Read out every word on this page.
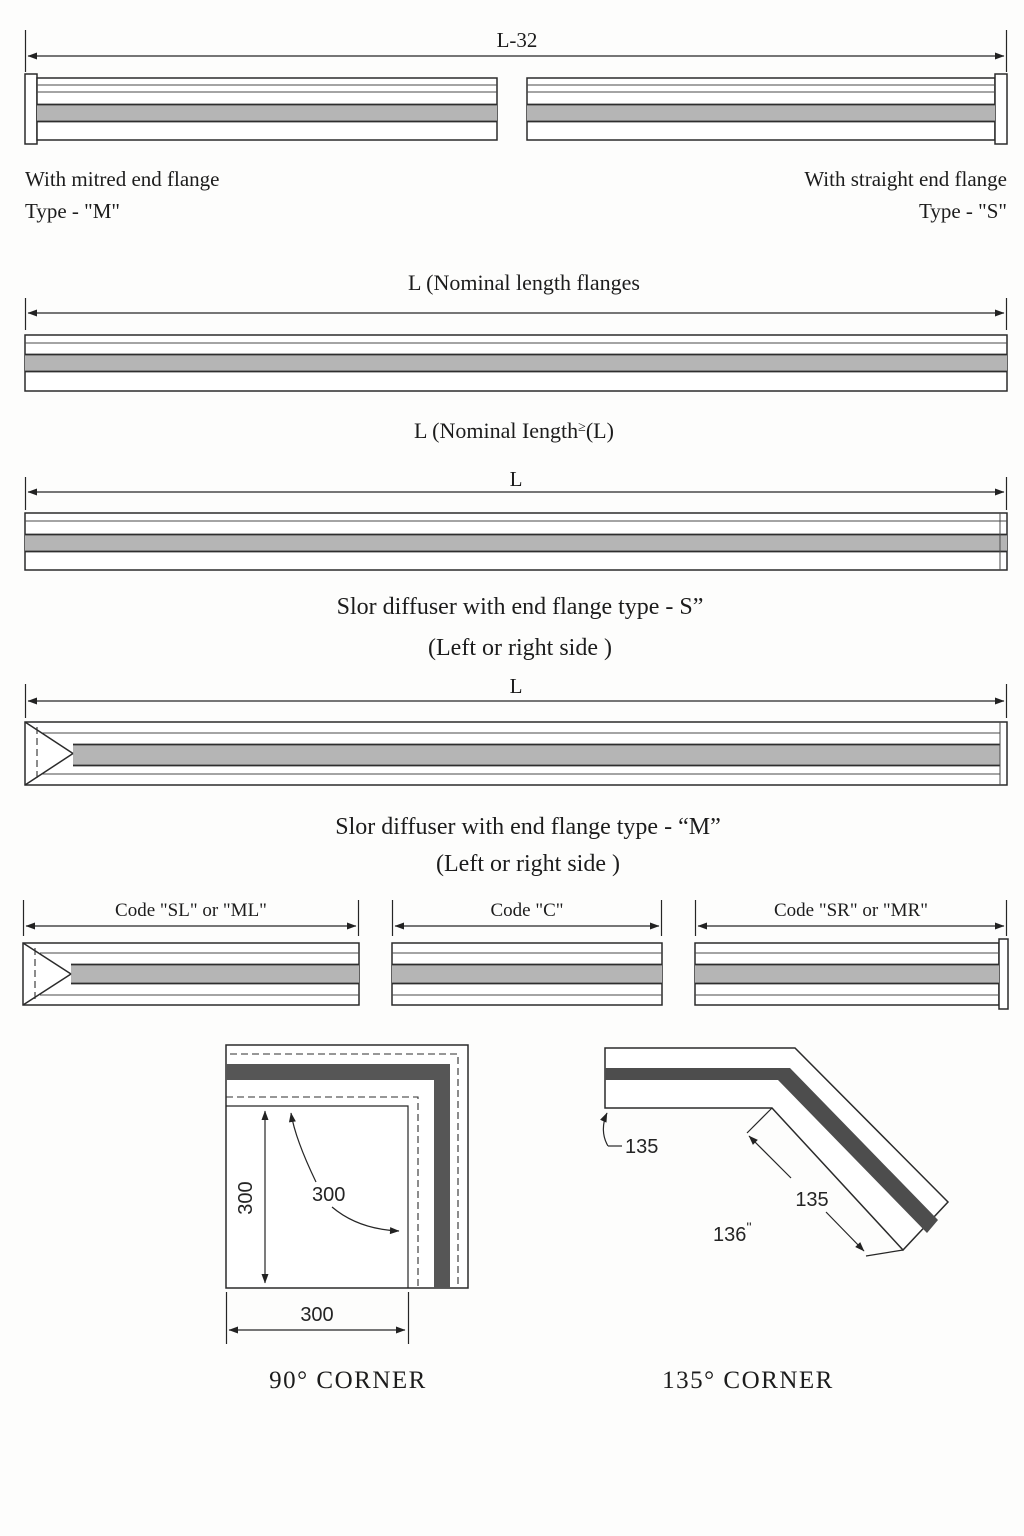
L-32
With mitred end flange
Type - "M"
With straight end flange
Type - "S"
L (Nominal length flanges
L (Nominal Iength≥(L)
L
Slor diffuser with end flange type - S”
(Left or right side )
L
Slor diffuser with end flange type - “M”
(Left or right side )
Code "SL" or "ML"	Code "C"	Code "SR" or "MR"
300	300
300
90° CORNER
135
135
136''
135° CORNER
